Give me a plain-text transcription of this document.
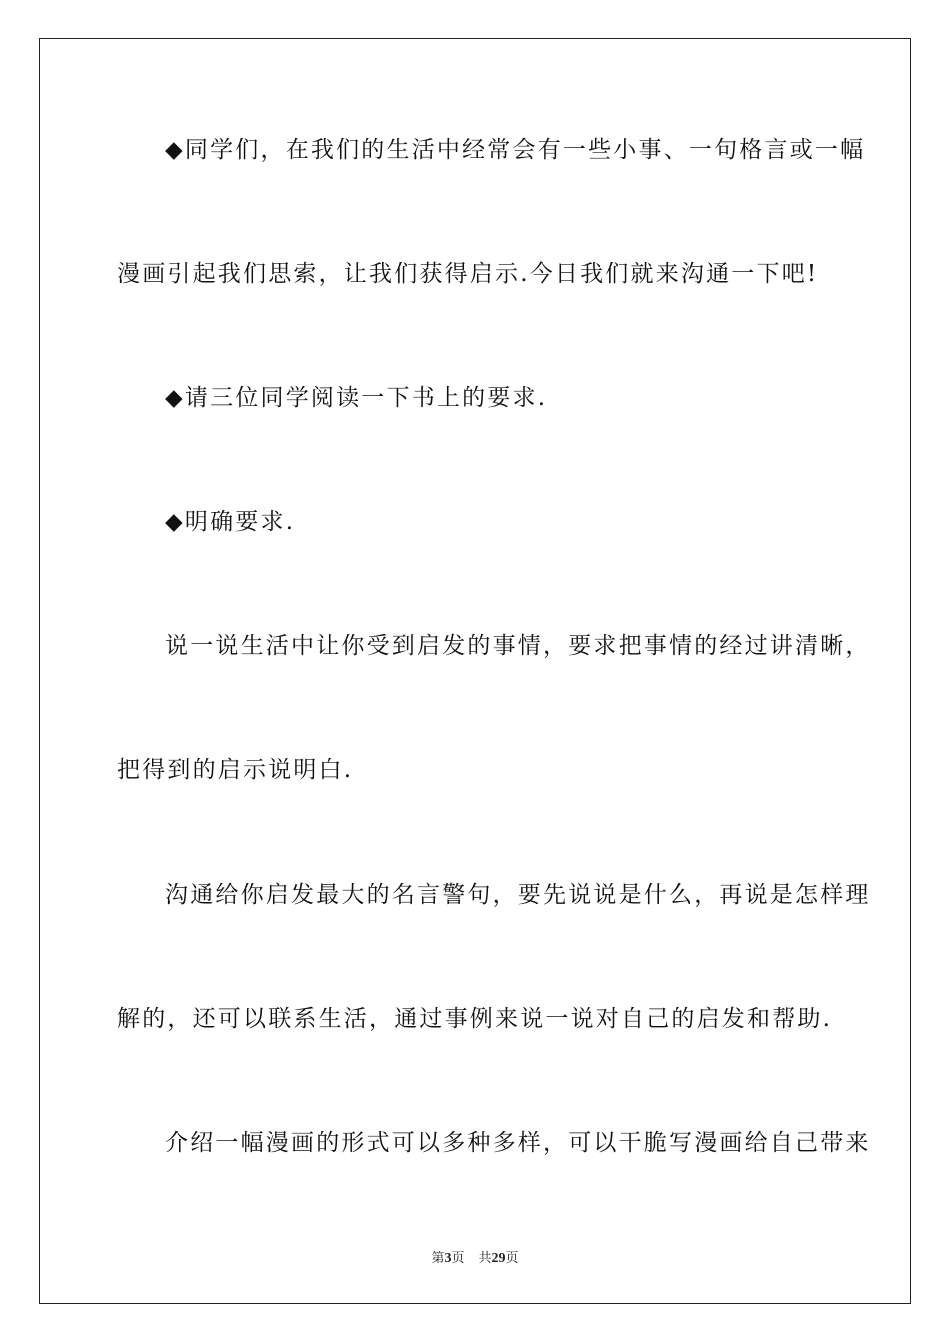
◆同学们，在我们的生活中经常会有一些小事、一句格言或一幅
漫画引起我们思索，让我们获得启示.今日我们就来沟通一下吧!
◆请三位同学阅读一下书上的要求.
◆明确要求.
说一说生活中让你受到启发的事情，要求把事情的经过讲清晰，
把得到的启示说明白.
沟通给你启发最大的名言警句，要先说说是什么，再说是怎样理
解的，还可以联系生活，通过事例来说一说对自己的启发和帮助.
介绍一幅漫画的形式可以多种多样，可以干脆写漫画给自己带来
第3页 共29页
